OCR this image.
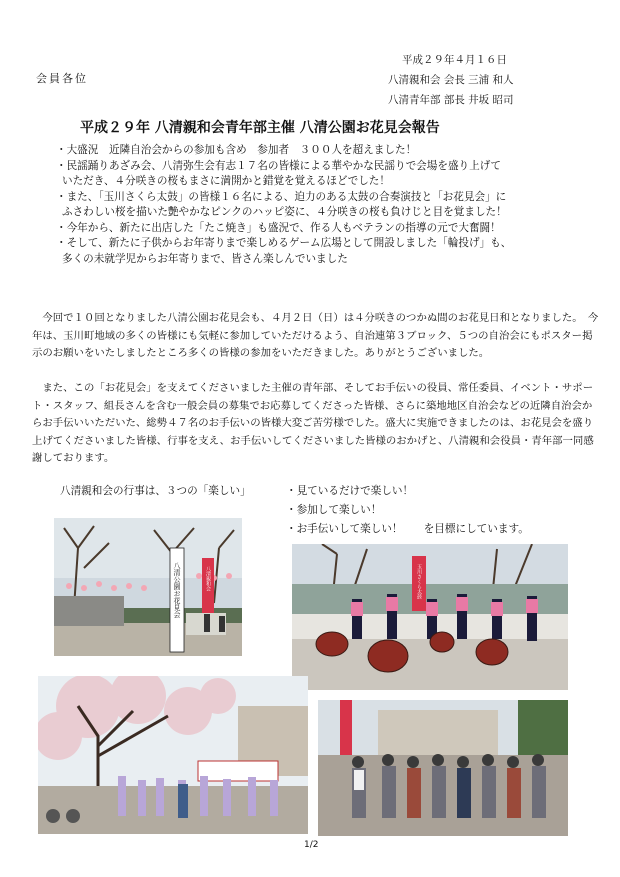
平成２９年４月１６日
会員各位	八清親和会 会長 三浦 和人
八清青年部 部長 井坂 昭司
平成２９年 八清親和会青年部主催 八清公園お花見会報告
・大盛況　近隣自治会からの参加も含め　参加者　３００人を超えました！
・民謡踊りあざみ会、八清弥生会有志１７名の皆様による華やかな民謡りで会場を盛り上げて
いただき、４分咲きの桜もまさに満開かと錯覚を覚えるほどでした！
・また、「玉川さくら太鼓」の皆様１６名による、迫力のある太鼓の合奏演技と「お花見会」に
ふさわしい桜を描いた艶やかなピンクのハッピ姿に、４分咲きの桜も負けじと目を覚ました！
・今年から、新たに出店した「たこ焼き」も盛況で、作る人もベテランの指導の元で大奮闘！
・そして、新たに子供からお年寄りまで楽しめるゲーム広場として開設しました「輪投げ」も、
多くの未就学児からお年寄りまで、皆さん楽しんでいました
　今回で１０回となりました八清公園お花見会も、４月２日（日）は４分咲きのつかぬ間のお花見日和となりました。　今年は、玉川町地域の多くの皆様にも気軽に参加していただけるよう、自治連第３ブロック、５つの自治会にもポスター掲示のお願いをいたしましたところ多くの皆様の参加をいただきました。ありがとうございました。
　また、この「お花見会」を支えてくださいました主催の青年部、そしてお手伝いの役員、常任委員、イベント・サポート・スタッフ、組長さんを含む一般会員の募集でお応募してくださった皆様、さらに築地地区自治会などの近隣自治会からお手伝いいただいた、総勢４７名のお手伝いの皆様大変ご苦労様でした。盛大に実施できましたのは、お花見会を盛り上げてくださいました皆様、行事を支え、お手伝いしてくださいました皆様のおかげと、八清親和会役員・青年部一同感謝しております。
八清親和会の行事は、３つの「楽しい」	・見ているだけで楽しい！
・参加して楽しい！
・お手伝いして楽しい！　　を目標にしています。
八清公園お花見会	八清親和会	玉川さくら太鼓
1/2
